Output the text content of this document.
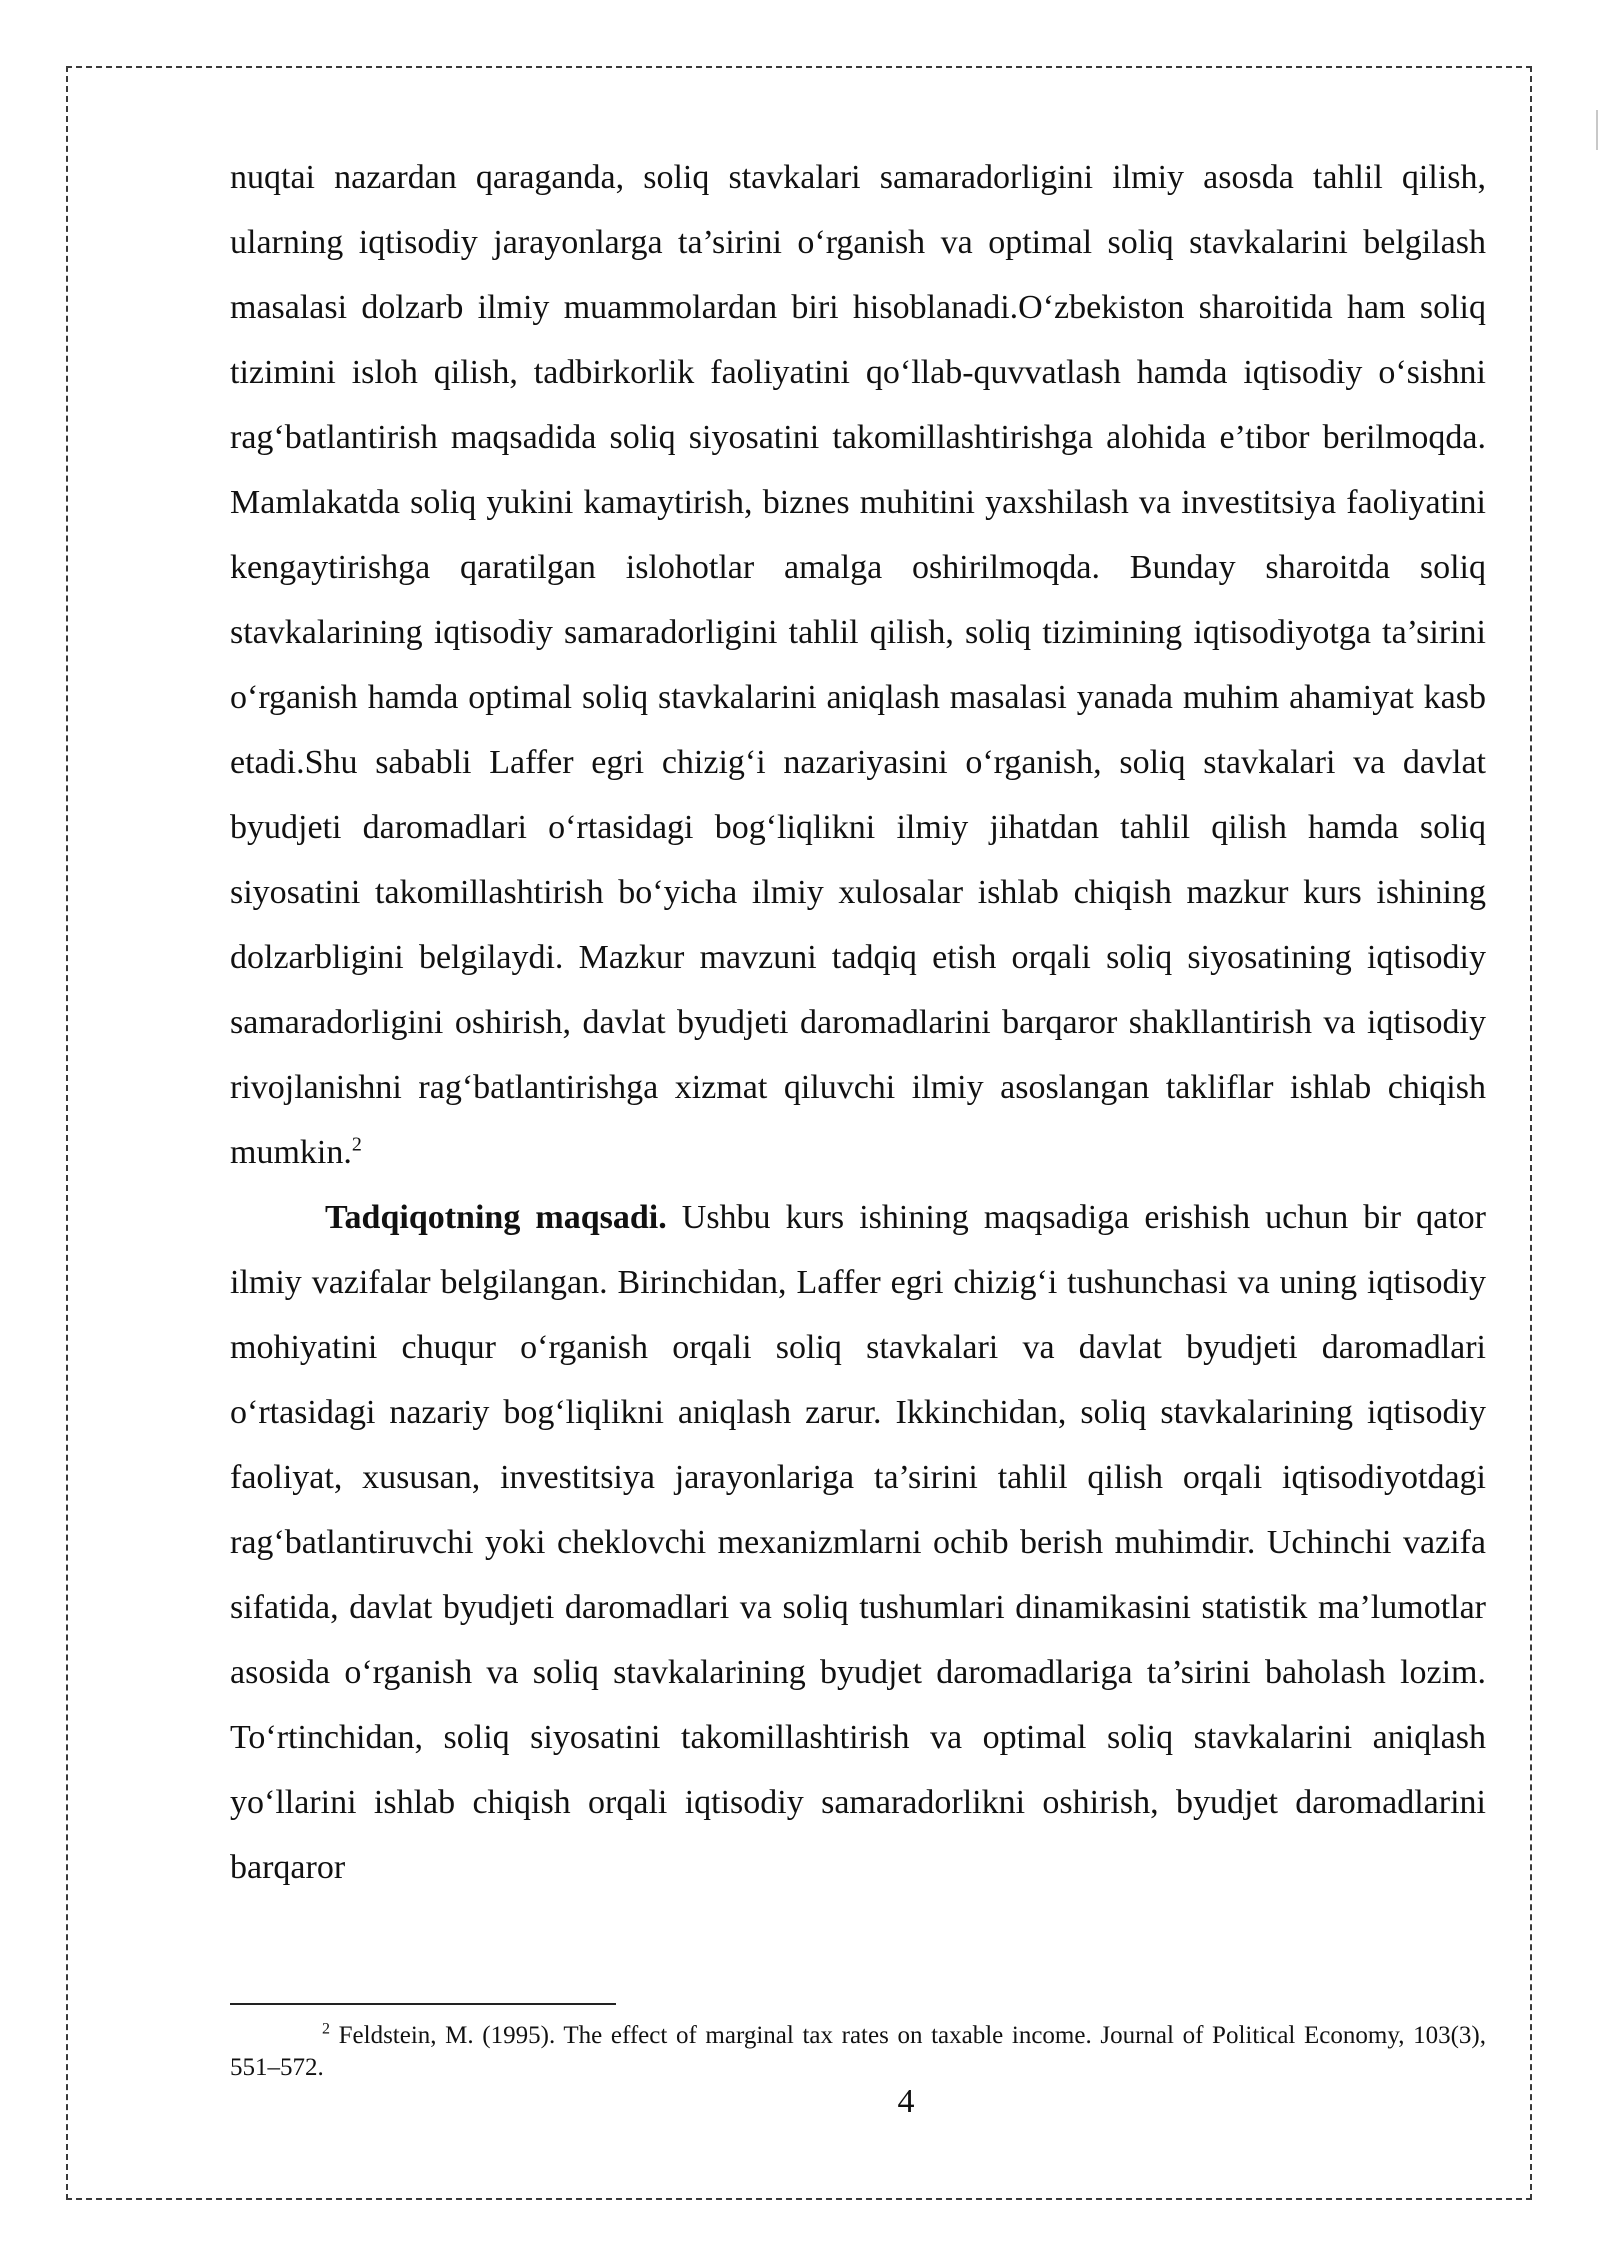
nuqtai nazardan qaraganda, soliq stavkalari samaradorligini ilmiy asosda tahlil qilish, ularning iqtisodiy jarayonlarga ta’sirini o‘rganish va optimal soliq stavkalarini belgilash masalasi dolzarb ilmiy muammolardan biri hisoblanadi.O‘zbekiston sharoitida ham soliq tizimini isloh qilish, tadbirkorlik faoliyatini qo‘llab-quvvatlash hamda iqtisodiy o‘sishni rag‘batlantirish maqsadida soliq siyosatini takomillashtirishga alohida e’tibor berilmoqda. Mamlakatda soliq yukini kamaytirish, biznes muhitini yaxshilash va investitsiya faoliyatini kengaytirishga qaratilgan islohotlar amalga oshirilmoqda. Bunday sharoitda soliq stavkalarining iqtisodiy samaradorligini tahlil qilish, soliq tizimining iqtisodiyotga ta’sirini o‘rganish hamda optimal soliq stavkalarini aniqlash masalasi yanada muhim ahamiyat kasb etadi.Shu sababli Laffer egri chizig‘i nazariyasini o‘rganish, soliq stavkalari va davlat byudjeti daromadlari o‘rtasidagi bog‘liqlikni ilmiy jihatdan tahlil qilish hamda soliq siyosatini takomillashtirish bo‘yicha ilmiy xulosalar ishlab chiqish mazkur kurs ishining dolzarbligini belgilaydi. Mazkur mavzuni tadqiq etish orqali soliq siyosatining iqtisodiy samaradorligini oshirish, davlat byudjeti daromadlarini barqaror shakllantirish va iqtisodiy rivojlanishni rag‘batlantirishga xizmat qiluvchi ilmiy asoslangan takliflar ishlab chiqish mumkin.$^2$

Tadqiqotning maqsadi. Ushbu kurs ishining maqsadiga erishish uchun bir qator ilmiy vazifalar belgilangan. Birinchidan, Laffer egri chizig‘i tushunchasi va uning iqtisodiy mohiyatini chuqur o‘rganish orqali soliq stavkalari va davlat byudjeti daromadlari o‘rtasidagi nazariy bog‘liqlikni aniqlash zarur. Ikkinchidan, soliq stavkalarining iqtisodiy faoliyat, xususan, investitsiya jarayonlariga ta’sirini tahlil qilish orqali iqtisodiyotdagi rag‘batlantiruvchi yoki cheklovchi mexanizmlarni ochib berish muhimdir. Uchinchi vazifa sifatida, davlat byudjeti daromadlari va soliq tushumlari dinamikasini statistik ma’lumotlar asosida o‘rganish va soliq stavkalarining byudjet daromadlariga ta’sirini baholash lozim. To‘rtinchidan, soliq siyosatini takomillashtirish va optimal soliq stavkalarini aniqlash yo‘llarini ishlab chiqish orqali iqtisodiy samaradorlikni oshirish, byudjet daromadlarini barqaror

$^2$ Feldstein, M. (1995). The effect of marginal tax rates on taxable income. Journal of Political Economy, 103(3), 551–572.
4
